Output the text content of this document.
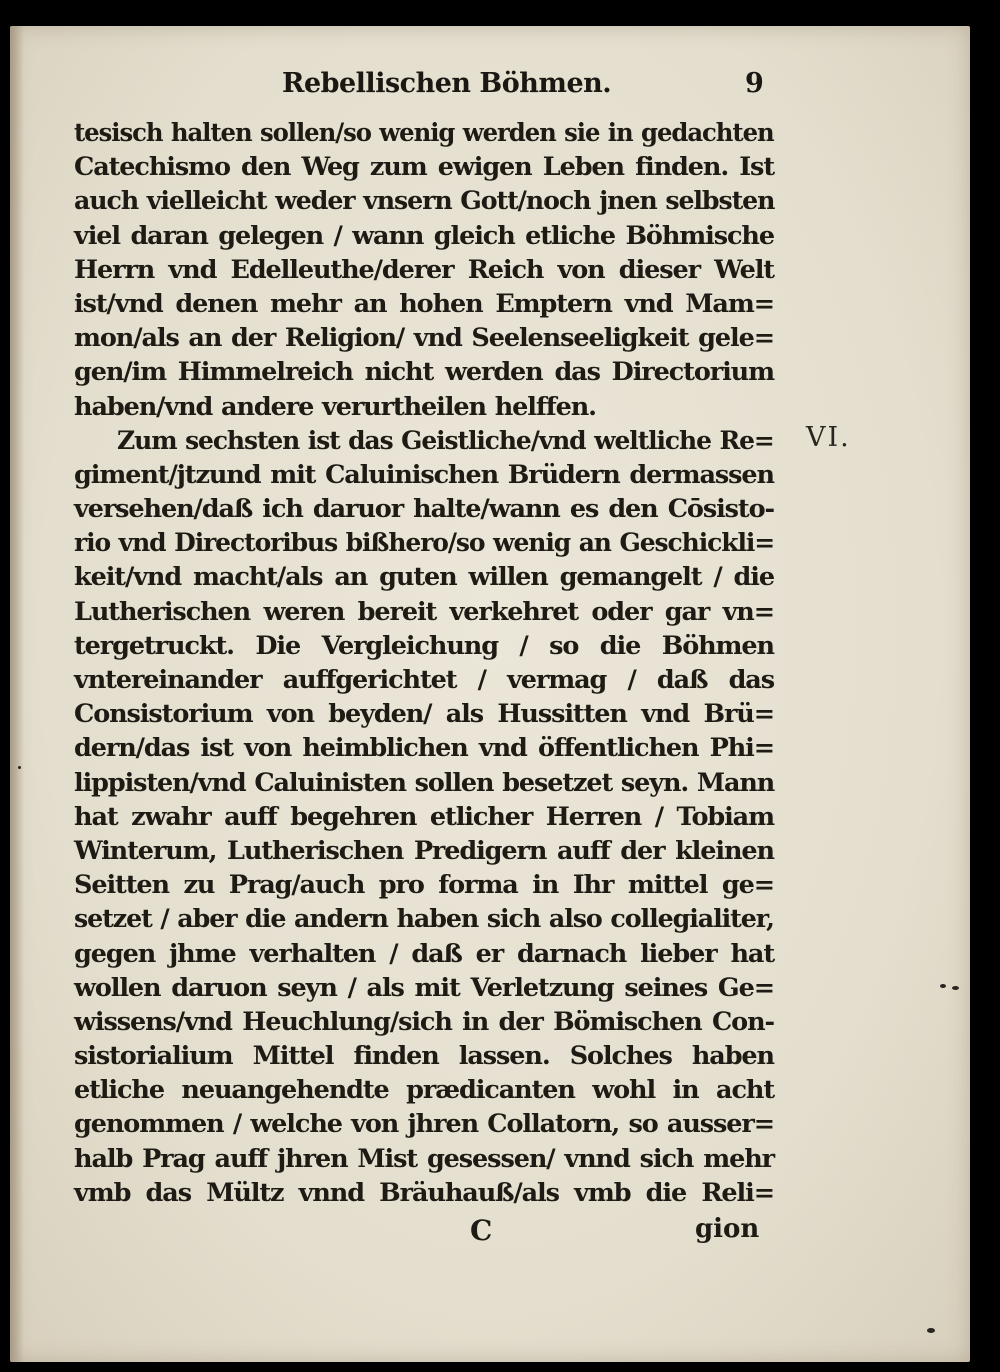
Rebellischen Böhmen.	9
tesisch halten sollen/so wenig werden sie in gedachten
Catechismo den Weg zum ewigen Leben finden. Ist
auch vielleicht weder vnsern Gott/noch jnen selbsten
viel daran gelegen / wann gleich etliche Böhmische
Herrn vnd Edelleuthe/derer Reich von dieser Welt
ist/vnd denen mehr an hohen Emptern vnd Mam=
mon/als an der Religion/ vnd Seelenseeligkeit gele=
gen/im Himmelreich nicht werden das Directorium
haben/vnd andere verurtheilen helffen.
Zum sechsten ist das Geistliche/vnd weltliche Re=
giment/jtzund mit Caluinischen Brüdern dermassen
versehen/daß ich daruor halte/wann es den Cōsisto-
rio vnd Directoribus bißhero/so wenig an Geschickli=
keit/vnd macht/als an guten willen gemangelt / die
Lutherischen weren bereit verkehret oder gar vn=
tergetruckt. Die Vergleichung / so die Böhmen
vntereinander auffgerichtet / vermag / daß das
Consistorium von beyden/ als Hussitten vnd Brü=
dern/das ist von heimblichen vnd öffentlichen Phi=
lippisten/vnd Caluinisten sollen besetzet seyn. Mann
hat zwahr auff begehren etlicher Herren / Tobiam
Winterum, Lutherischen Predigern auff der kleinen
Seitten zu Prag/auch pro forma in Ihr mittel ge=
setzet / aber die andern haben sich also collegialiter,
gegen jhme verhalten / daß er darnach lieber hat
wollen daruon seyn / als mit Verletzung seines Ge=
wissens/vnd Heuchlung/sich in der Bömischen Con-
sistorialium Mittel finden lassen. Solches haben
etliche neuangehendte prædicanten wohl in acht
genommen / welche von jhren Collatorn, so ausser=
halb Prag auff jhren Mist gesessen/ vnnd sich mehr
vmb das Mültz vnnd Bräuhauß/als vmb die Reli=
VI.
C	gion
